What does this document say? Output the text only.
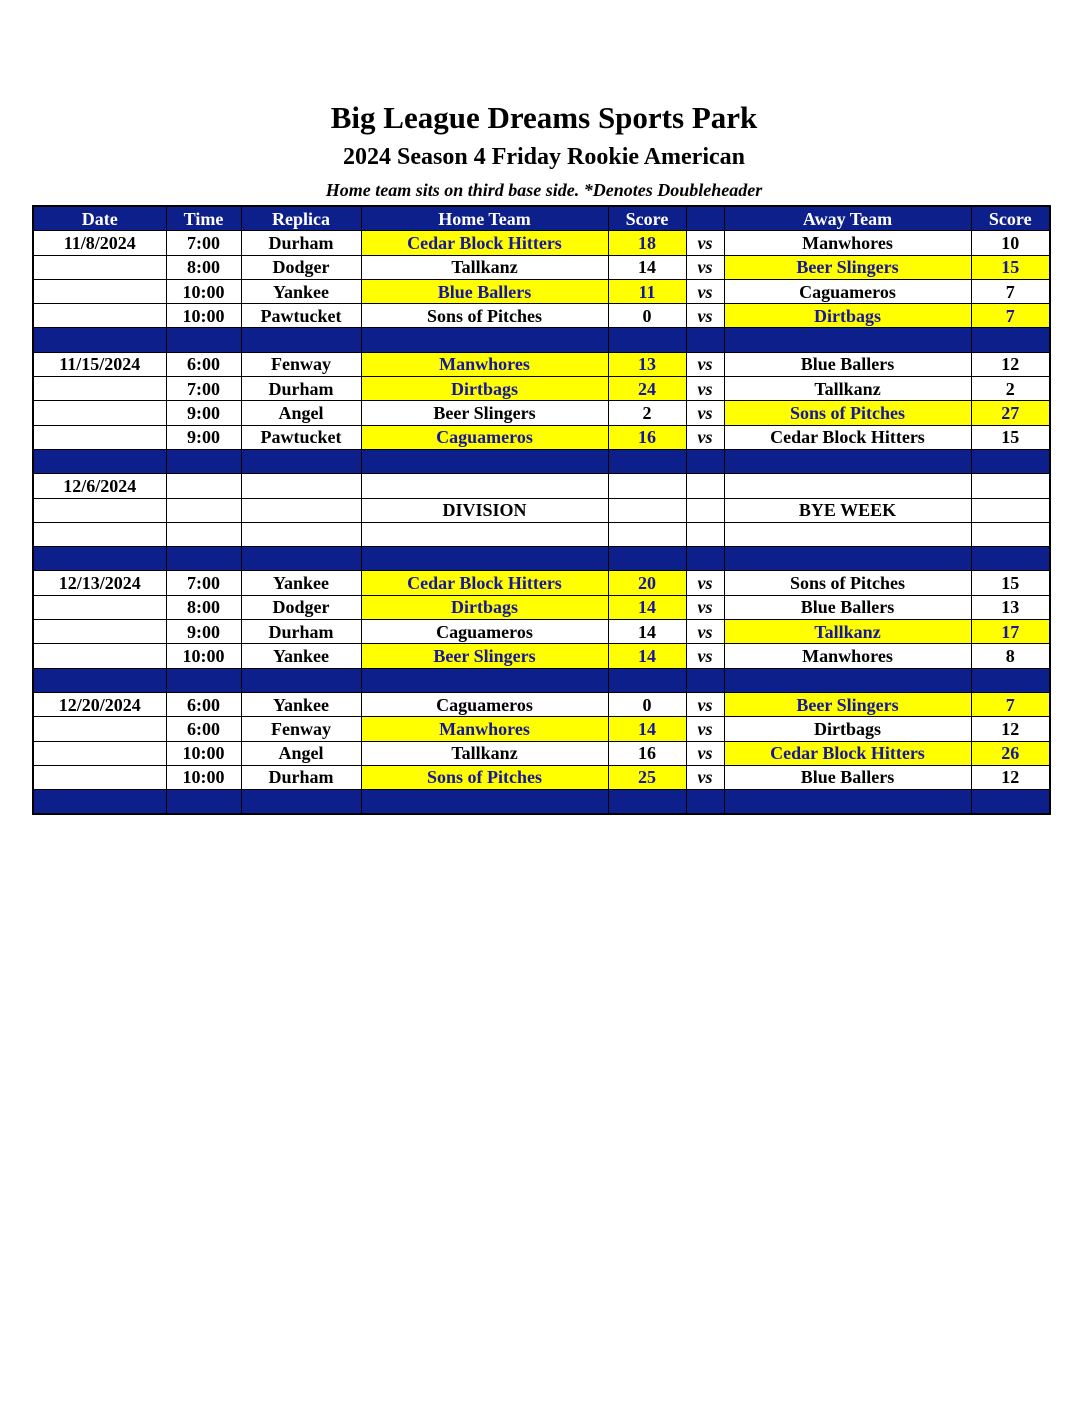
Big League Dreams Sports Park
2024 Season 4 Friday Rookie American
Home team sits on third base side. *Denotes Doubleheader
Date	Time	Replica	Home Team	Score		Away Team	Score
11/8/2024	7:00	Durham	Cedar Block Hitters	18	vs	Manwhores	10
	8:00	Dodger	Tallkanz	14	vs	Beer Slingers	15
	10:00	Yankee	Blue Ballers	11	vs	Caguameros	7
	10:00	Pawtucket	Sons of Pitches	0	vs	Dirtbags	7

11/15/2024	6:00	Fenway	Manwhores	13	vs	Blue Ballers	12
	7:00	Durham	Dirtbags	24	vs	Tallkanz	2
	9:00	Angel	Beer Slingers	2	vs	Sons of Pitches	27
	9:00	Pawtucket	Caguameros	16	vs	Cedar Block Hitters	15

12/6/2024							
			DIVISION			BYE WEEK	

12/13/2024	7:00	Yankee	Cedar Block Hitters	20	vs	Sons of Pitches	15
	8:00	Dodger	Dirtbags	14	vs	Blue Ballers	13
	9:00	Durham	Caguameros	14	vs	Tallkanz	17
	10:00	Yankee	Beer Slingers	14	vs	Manwhores	8

12/20/2024	6:00	Yankee	Caguameros	0	vs	Beer Slingers	7
	6:00	Fenway	Manwhores	14	vs	Dirtbags	12
	10:00	Angel	Tallkanz	16	vs	Cedar Block Hitters	26
	10:00	Durham	Sons of Pitches	25	vs	Blue Ballers	12
